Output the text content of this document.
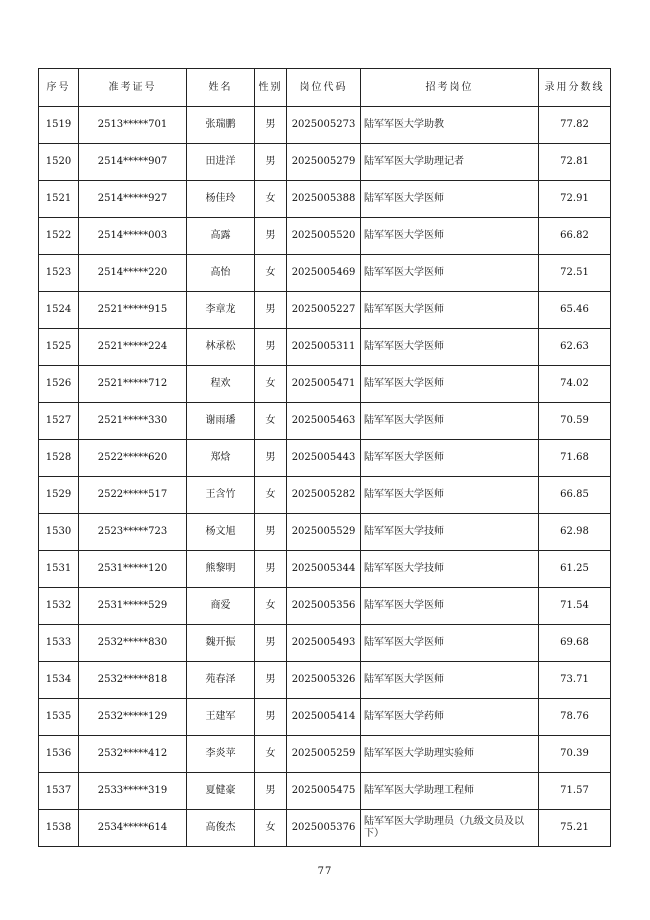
序号	准考证号	姓名	性别	岗位代码	招考岗位	录用分数线
1519	2513*****701	张瑞鹏	男	2025005273	陆军军医大学助教	77.82
1520	2514*****907	田进洋	男	2025005279	陆军军医大学助理记者	72.81
1521	2514*****927	杨佳玲	女	2025005388	陆军军医大学医师	72.91
1522	2514*****003	高露	男	2025005520	陆军军医大学医师	66.82
1523	2514*****220	高怡	女	2025005469	陆军军医大学医师	72.51
1524	2521*****915	李章龙	男	2025005227	陆军军医大学医师	65.46
1525	2521*****224	林承松	男	2025005311	陆军军医大学医师	62.63
1526	2521*****712	程欢	女	2025005471	陆军军医大学医师	74.02
1527	2521*****330	谢雨璠	女	2025005463	陆军军医大学医师	70.59
1528	2522*****620	郑焓	男	2025005443	陆军军医大学医师	71.68
1529	2522*****517	王含竹	女	2025005282	陆军军医大学医师	66.85
1530	2523*****723	杨文旭	男	2025005529	陆军军医大学技师	62.98
1531	2531*****120	熊黎明	男	2025005344	陆军军医大学技师	61.25
1532	2531*****529	商爱	女	2025005356	陆军军医大学医师	71.54
1533	2532*****830	魏开振	男	2025005493	陆军军医大学医师	69.68
1534	2532*****818	苑春泽	男	2025005326	陆军军医大学医师	73.71
1535	2532*****129	王建军	男	2025005414	陆军军医大学药师	78.76
1536	2532*****412	李炎苹	女	2025005259	陆军军医大学助理实验师	70.39
1537	2533*****319	夏健豪	男	2025005475	陆军军医大学助理工程师	71.57
1538	2534*****614	高俊杰	女	2025005376	陆军军医大学助理员（九级文员及以下）	75.21
77
